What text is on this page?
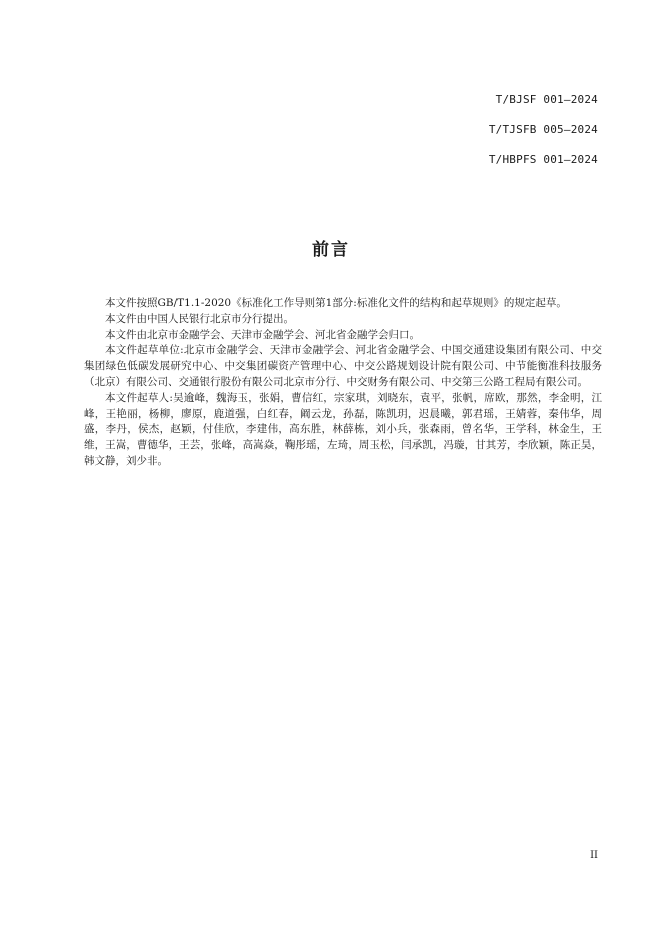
T/BJSF 001—2024
T/TJSFB 005—2024
T/HBPFS 001—2024
前言

本文件按照GB/T1.1-2020《标准化工作导则第1部分:标准化文件的结构和起草规则》的规定起草。

本文件由中国人民银行北京市分行提出。

本文件由北京市金融学会、天津市金融学会、河北省金融学会归口。

本文件起草单位:北京市金融学会、天津市金融学会、河北省金融学会、中国交通建设集团有限公司、中交集团绿色低碳发展研究中心、中交集团碳资产管理中心、中交公路规划设计院有限公司、中节能衡准科技服务（北京）有限公司、交通银行股份有限公司北京市分行、中交财务有限公司、中交第三公路工程局有限公司。

本文件起草人:吴逾峰，魏海玉，张娟，曹信红，宗家琪，刘晓东，袁平，张帆，席欧，那然，李金明，江峰，王艳丽，杨柳，廖原，鹿道强，白红春，阚云龙，孙磊，陈凯玥，迟晨曦，郭君瑶，王婧蓉，秦伟华，周盛，李丹，侯杰，赵颖，付佳欣，李建伟，高东胜，林薛栋，刘小兵，张森雨，曾名华，王学科，林金生，王维，王嵩，曹德华，王芸，张峰，高嵩焱，鞠彤瑶，左琦，周玉松，闫承凯，冯璇，甘其芳，李欣颖，陈正昊，韩文静，刘少非。

II
